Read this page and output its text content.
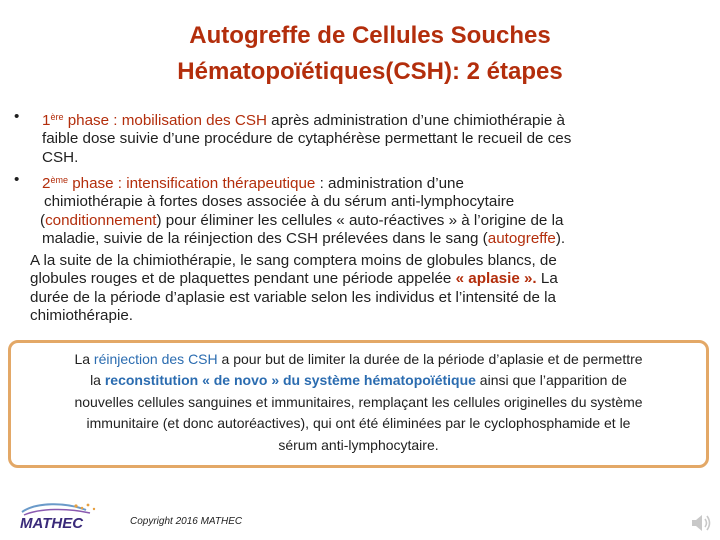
Autogreffe de Cellules Souches
Hématopoïétiques(CSH): 2 étapes
•	1ère phase : mobilisation des CSH après administration d’une chimiothérapie à
faible dose suivie d’une procédure de cytaphérèse permettant le recueil de ces
CSH.
•	2ème phase : intensification thérapeutique : administration d’une
chimiothérapie à fortes doses associée à du sérum anti-lymphocytaire
(conditionnement) pour éliminer les cellules « auto-réactives » à l’origine de la
maladie, suivie de la réinjection des CSH prélevées dans le sang (autogreffe).
A la suite de la chimiothérapie, le sang comptera moins de globules blancs, de
globules rouges et de plaquettes pendant une période appelée « aplasie ». La
durée de la période d’aplasie est variable selon les individus et l’intensité de la
chimiothérapie.
La réinjection des CSH a pour but de limiter la durée de la période d’aplasie et de permettre
la reconstitution « de novo » du système hématopoïétique ainsi que l’apparition de
nouvelles cellules sanguines et immunitaires, remplaçant les cellules originelles du système
immunitaire (et donc autoréactives), qui ont été éliminées par le cyclophosphamide et le
sérum anti-lymphocytaire.
MATHEC	Copyright 2016 MATHEC
